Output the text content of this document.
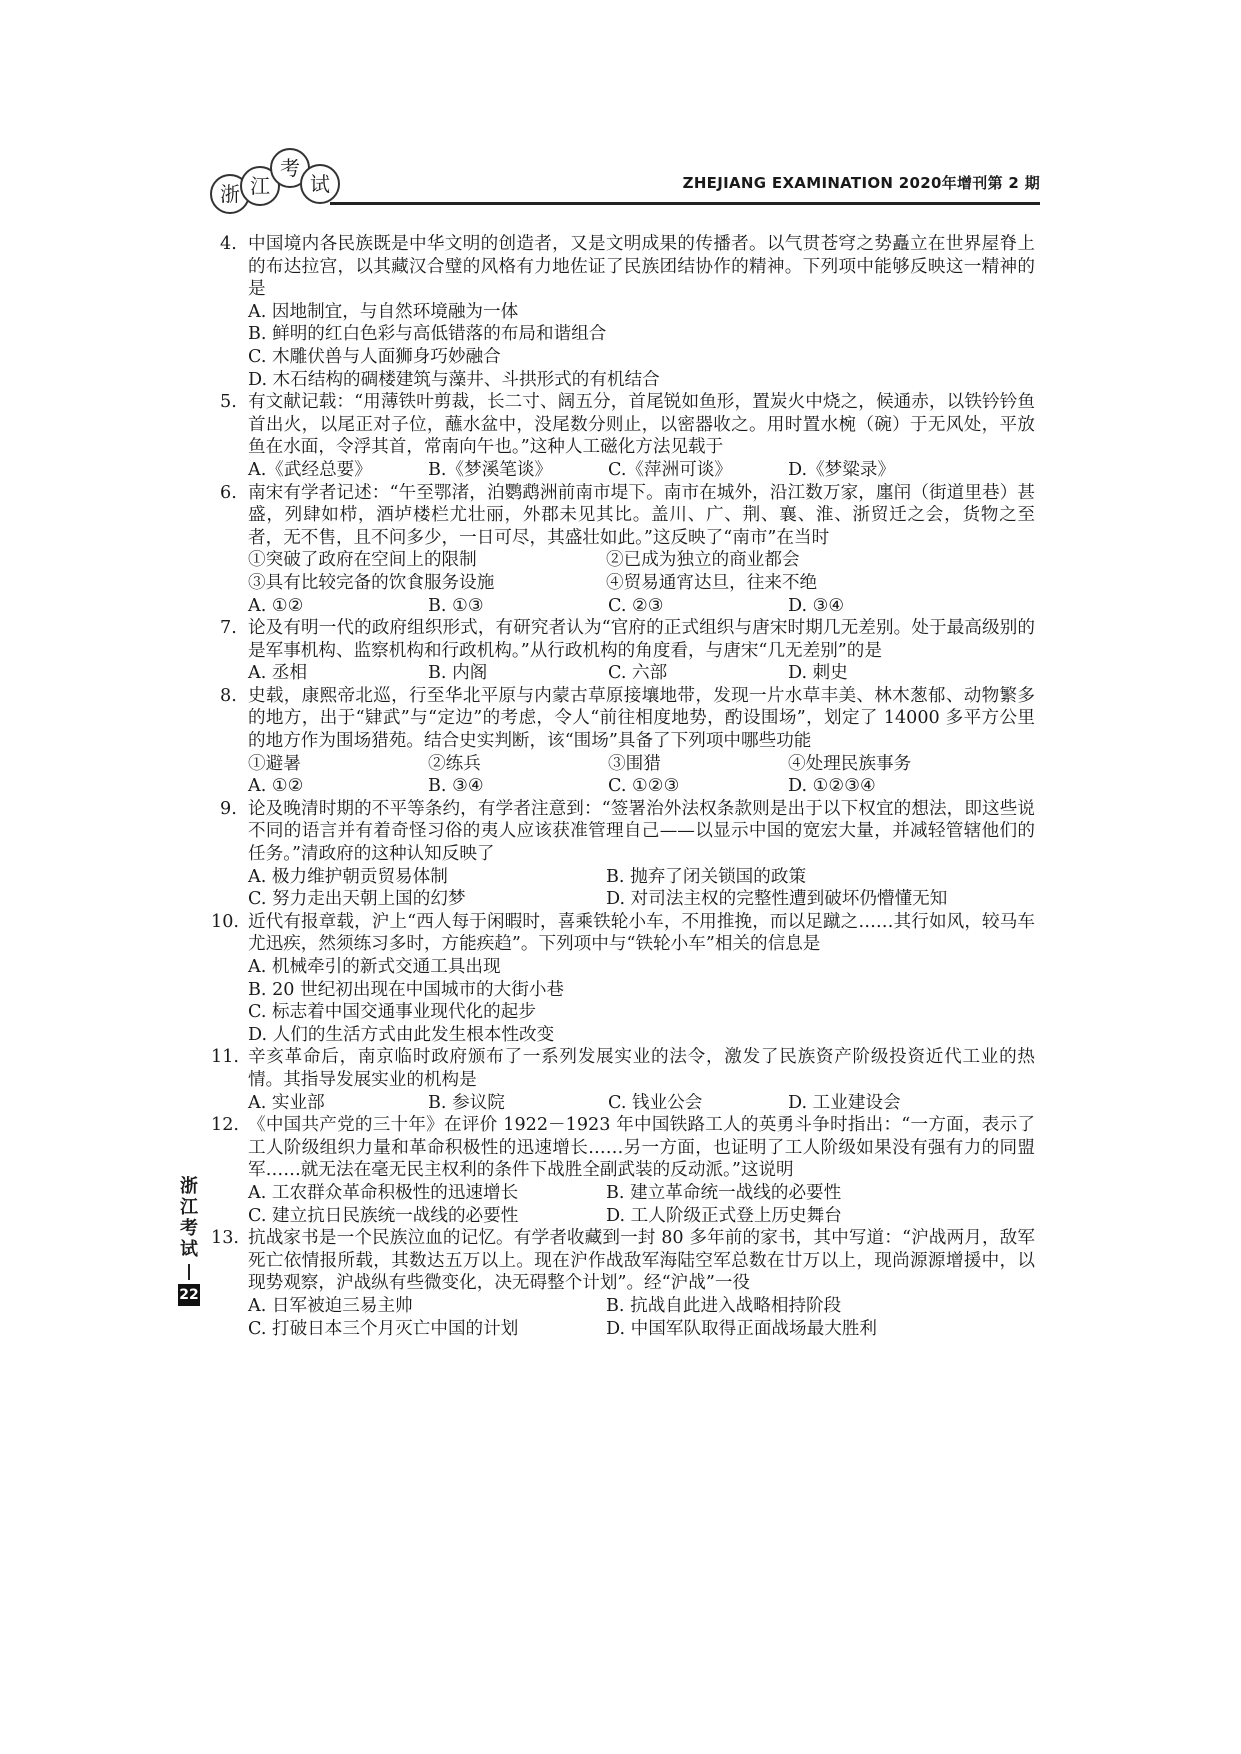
浙 江
考
试	ZHEJIANG EXAMINATION 2020年增刊第 2 期
4. 中国境内各民族既是中华文明的创造者，又是文明成果的传播者。以气贯苍穹之势矗立在世界屋脊上的布达拉宫，以其藏汉合璧的风格有力地佐证了民族团结协作的精神。下列项中能够反映这一精神的是
A. 因地制宜，与自然环境融为一体
B. 鲜明的红白色彩与高低错落的布局和谐组合
C. 木雕伏兽与人面狮身巧妙融合
D. 木石结构的碉楼建筑与藻井、斗拱形式的有机结合
5. 有文献记载：“用薄铁叶剪裁，长二寸、阔五分，首尾锐如鱼形，置炭火中烧之，候通赤，以铁钤钤鱼首出火，以尾正对子位，蘸水盆中，没尾数分则止，以密器收之。用时置水椀（碗）于无风处，平放鱼在水面，令浮其首，常南向午也。”这种人工磁化方法见载于
A.《武经总要》	B.《梦溪笔谈》	C.《萍洲可谈》	D.《梦粱录》
6. 南宋有学者记述：“午至鄂渚，泊鹦鹉洲前南市堤下。南市在城外，沿江数万家，廛闬（街道里巷）甚盛，列肆如栉，酒垆楼栏尤壮丽，外郡未见其比。盖川、广、荆、襄、淮、浙贸迁之会，货物之至者，无不售，且不问多少，一日可尽，其盛壮如此。”这反映了“南市”在当时
①突破了政府在空间上的限制	②已成为独立的商业都会
③具有比较完备的饮食服务设施	④贸易通宵达旦，往来不绝
A. ①②	B. ①③	C. ②③	D. ③④
7. 论及有明一代的政府组织形式，有研究者认为“官府的正式组织与唐宋时期几无差别。处于最高级别的是军事机构、监察机构和行政机构。”从行政机构的角度看，与唐宋“几无差别”的是
A. 丞相	B. 内阁	C. 六部	D. 刺史
8. 史载，康熙帝北巡，行至华北平原与内蒙古草原接壤地带，发现一片水草丰美、林木葱郁、动物繁多的地方，出于“肄武”与“定边”的考虑，令人“前往相度地势，酌设围场”，划定了 14000 多平方公里的地方作为围场猎苑。结合史实判断，该“围场”具备了下列项中哪些功能
①避暑	②练兵	③围猎	④处理民族事务
A. ①②	B. ③④	C. ①②③	D. ①②③④
9. 论及晚清时期的不平等条约，有学者注意到：“签署治外法权条款则是出于以下权宜的想法，即这些说不同的语言并有着奇怪习俗的夷人应该获准管理自己——以显示中国的宽宏大量，并减轻管辖他们的任务。”清政府的这种认知反映了
A. 极力维护朝贡贸易体制	B. 抛弃了闭关锁国的政策
C. 努力走出天朝上国的幻梦	D. 对司法主权的完整性遭到破坏仍懵懂无知
10. 近代有报章载，沪上“西人每于闲暇时，喜乘铁轮小车，不用推挽，而以足蹴之……其行如风，较马车尤迅疾，然须练习多时，方能疾趋”。下列项中与“铁轮小车”相关的信息是
A. 机械牵引的新式交通工具出现
B. 20 世纪初出现在中国城市的大街小巷
C. 标志着中国交通事业现代化的起步
D. 人们的生活方式由此发生根本性改变
11. 辛亥革命后，南京临时政府颁布了一系列发展实业的法令，激发了民族资产阶级投资近代工业的热情。其指导发展实业的机构是
A. 实业部	B. 参议院	C. 钱业公会	D. 工业建设会
12. 《中国共产党的三十年》在评价 1922－1923 年中国铁路工人的英勇斗争时指出：“一方面，表示了工人阶级组织力量和革命积极性的迅速增长……另一方面，也证明了工人阶级如果没有强有力的同盟军……就无法在毫无民主权利的条件下战胜全副武装的反动派。”这说明
A. 工农群众革命积极性的迅速增长	B. 建立革命统一战线的必要性
C. 建立抗日民族统一战线的必要性	D. 工人阶级正式登上历史舞台
13. 抗战家书是一个民族泣血的记忆。有学者收藏到一封 80 多年前的家书，其中写道：“沪战两月，敌军死亡依情报所载，其数达五万以上。现在沪作战敌军海陆空军总数在廿万以上，现尚源源增援中，以现势观察，沪战纵有些微变化，决无碍整个计划”。经“沪战”一役
A. 日军被迫三易主帅	B. 抗战自此进入战略相持阶段
C. 打破日本三个月灭亡中国的计划	D. 中国军队取得正面战场最大胜利
浙
江
考
试
22
